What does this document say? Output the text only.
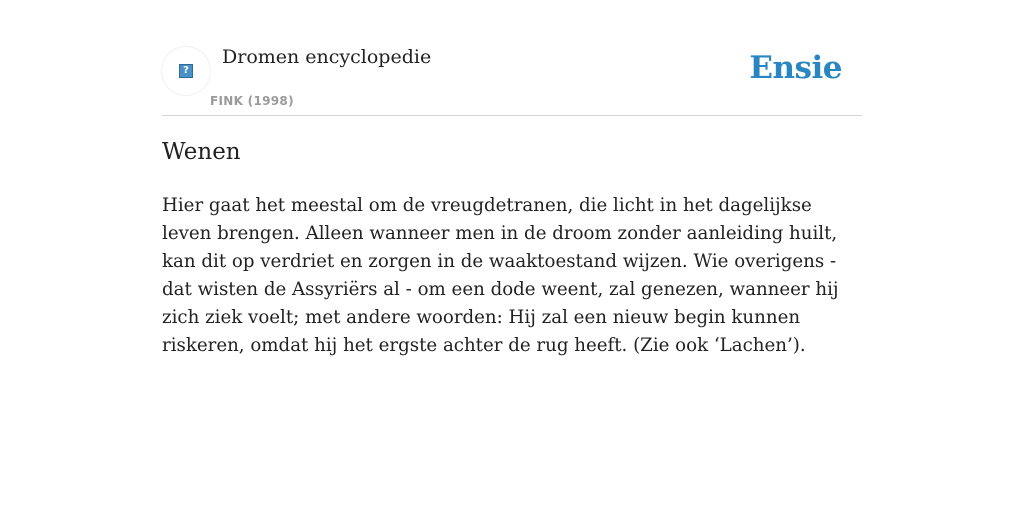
?
Dromen encyclopedie
FINK (1998)
Ensie
Wenen

Hier gaat het meestal om de vreugdetranen, die licht in het dagelijkse leven brengen. Alleen wanneer men in de droom zonder aanleiding huilt, kan dit op verdriet en zorgen in de waaktoestand wijzen. Wie overigens - dat wisten de Assyriërs al - om een dode weent, zal genezen, wanneer hij zich ziek voelt; met andere woorden: Hij zal een nieuw begin kunnen riskeren, omdat hij het ergste achter de rug heeft. (Zie ook ‘Lachen’).
